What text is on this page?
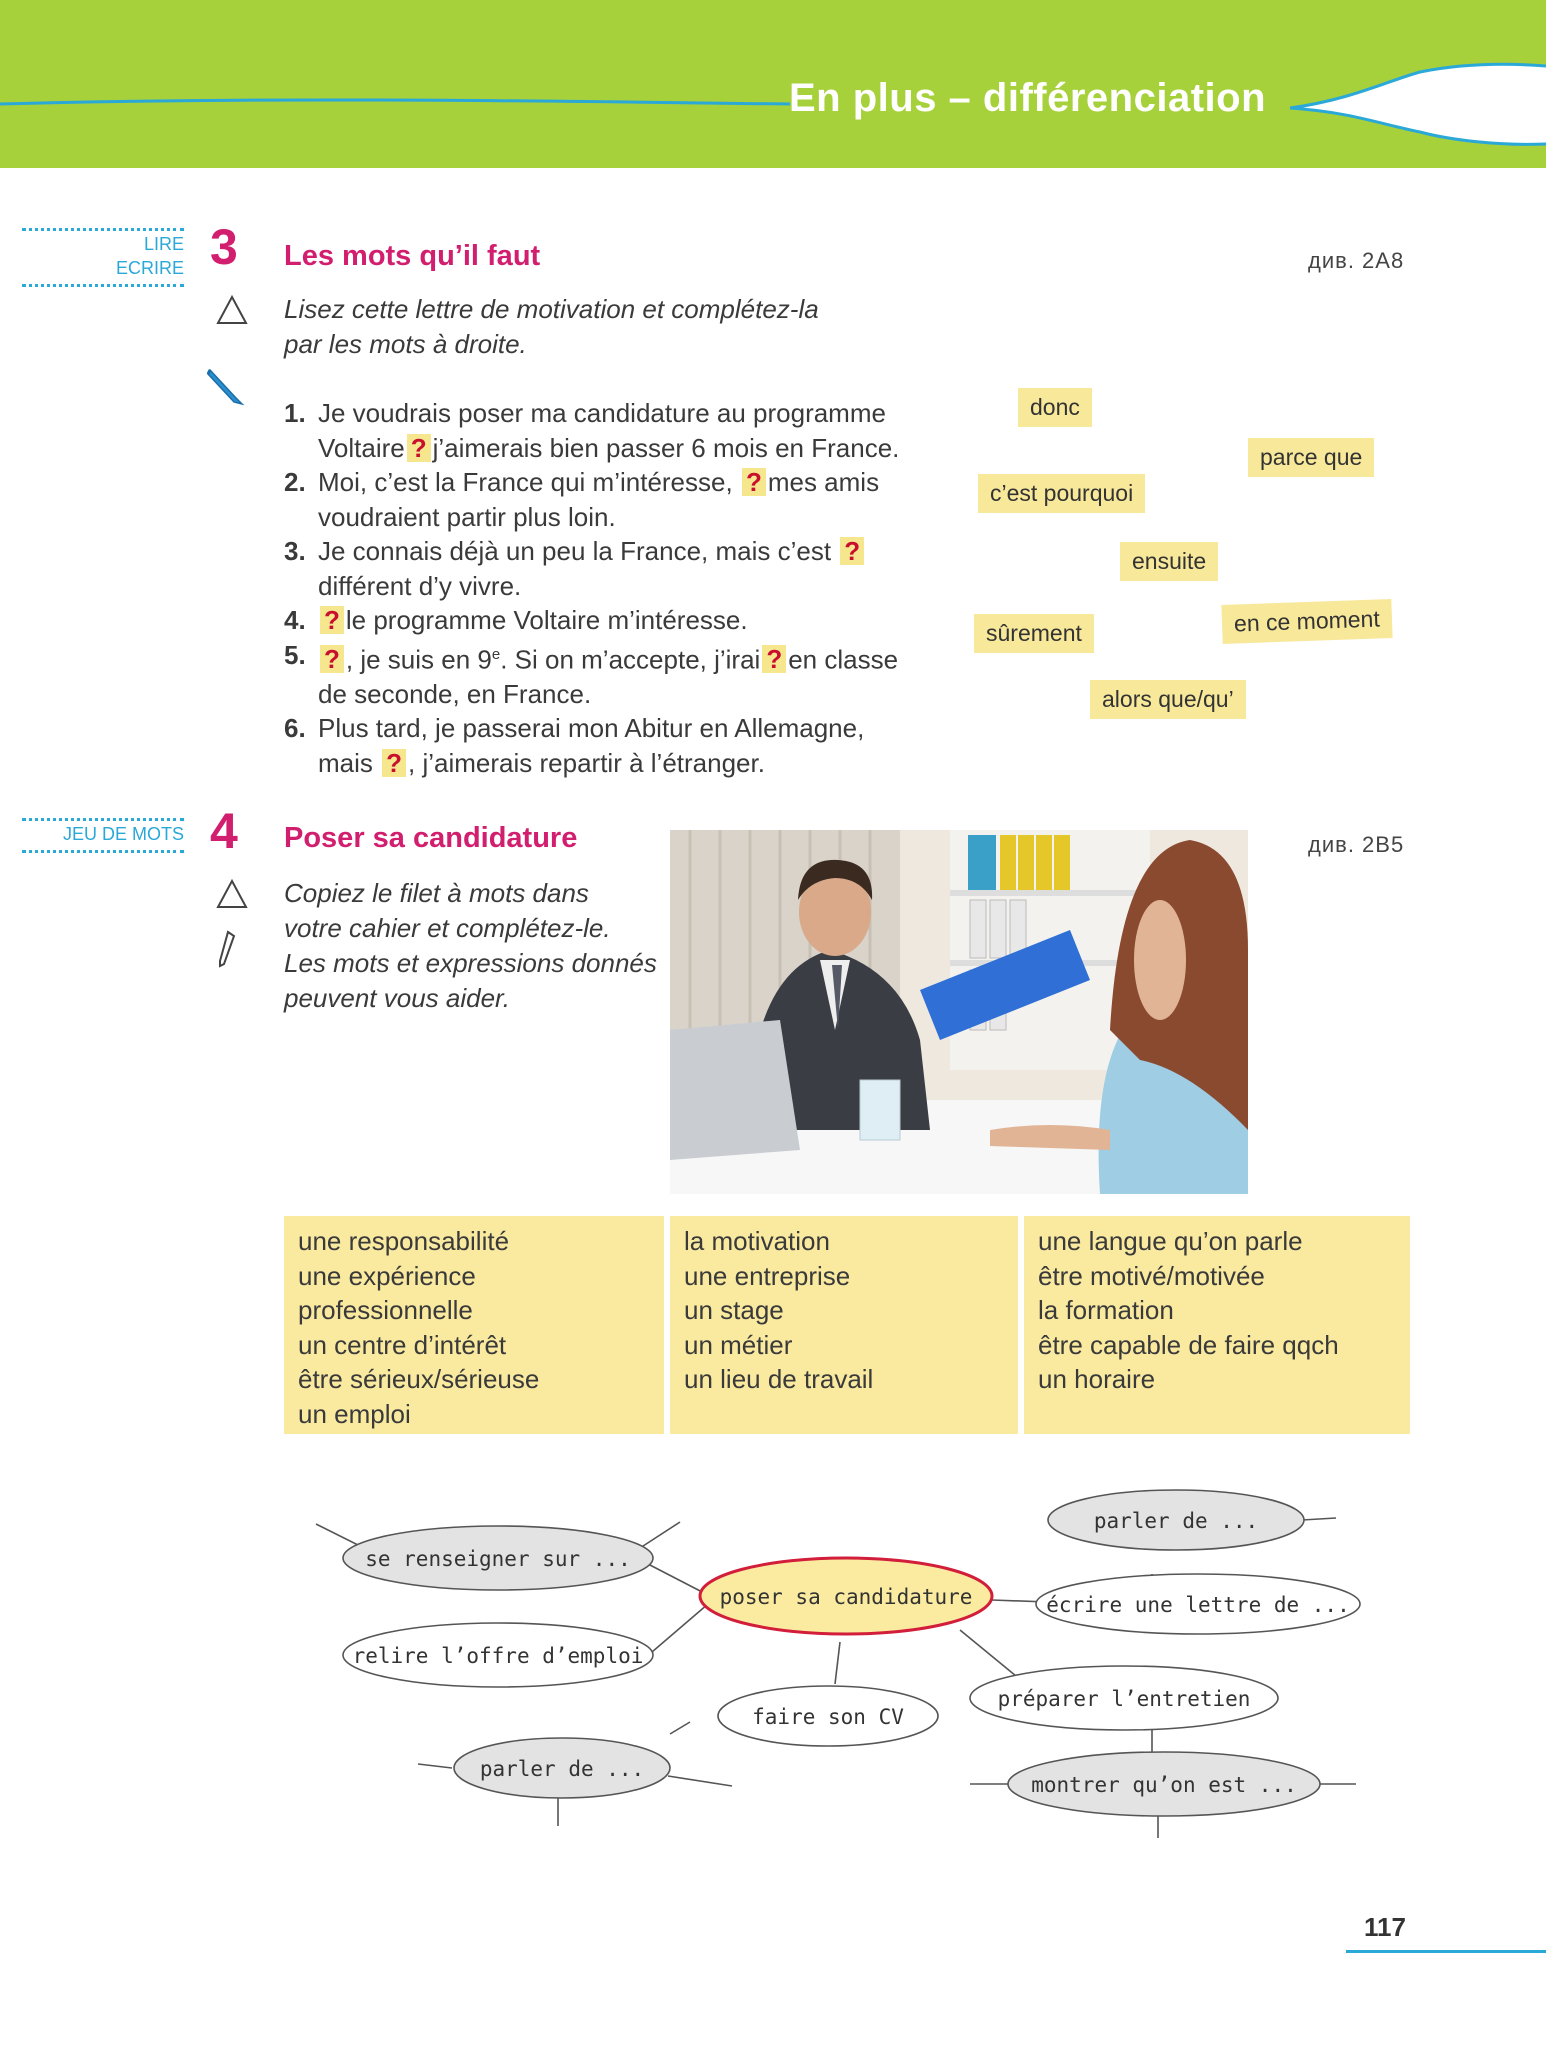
En plus – différenciation
LIRE
ECRIRE 3 Les mots qu’il faut	див. 2A8
Lisez cette lettre de motivation et complétez-la
par les mots à droite.
1. Je voudrais poser ma candidature au programme
Voltaire ? j’aimerais bien passer 6 mois en France.
2. Moi, c’est la France qui m’intéresse, ? mes amis
voudraient partir plus loin.
3. Je connais déjà un peu la France, mais c’est ?
différent d’y vivre.
4. ? le programme Voltaire m’intéresse.
5. ? , je suis en 9e. Si on m’accepte, j’irai ? en classe
de seconde, en France.
6. Plus tard, je passerai mon Abitur en Allemagne,
mais ? , j’aimerais repartir à l’étranger.
donc
parce que
c’est pourquoi
ensuite
sûrement	en ce moment
alors que/qu’
JEU DE MOTS 4 Poser sa candidature	див. 2B5
Copiez le filet à mots dans
votre cahier et complétez-le.
Les mots et expressions donnés
peuvent vous aider.
une responsabilité
une expérience
professionnelle
un centre d’intérêt
être sérieux/sérieuse
un emploi
la motivation
une entreprise
un stage
un métier
un lieu de travail
une langue qu’on parle
être motivé/motivée
la formation
être capable de faire qqch
un horaire
se renseigner sur ...
relire l’offre d’emploi
poser sa candidature
faire son CV
parler de ...
parler de ...
écrire une lettre de ...
préparer l’entretien
montrer qu’on est ...
117
